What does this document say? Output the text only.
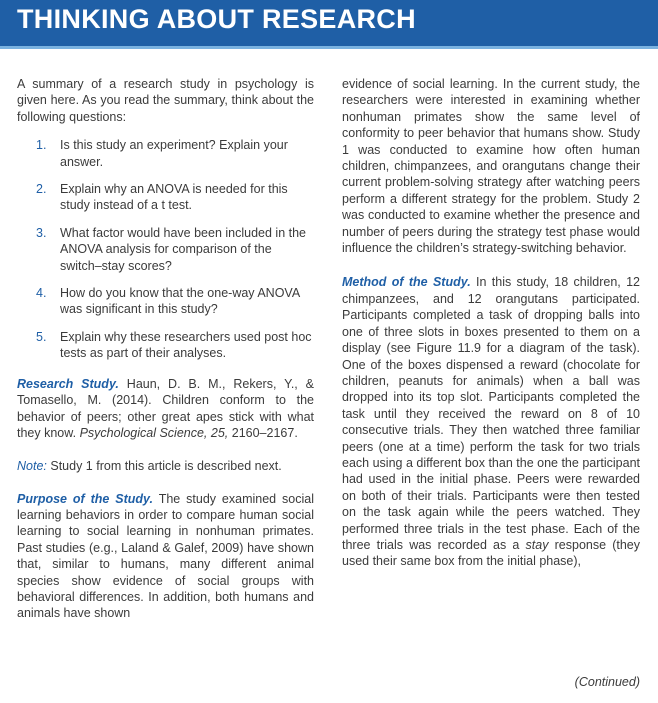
THINKING ABOUT RESEARCH

A summary of a research study in psychology is given here. As you read the summary, think about the following questions:

1. Is this study an experiment? Explain your answer.
2. Explain why an ANOVA is needed for this study instead of a t test.
3. What factor would have been included in the ANOVA analysis for comparison of the switch–stay scores?
4. How do you know that the one-way ANOVA was significant in this study?
5. Explain why these researchers used post hoc tests as part of their analyses.

Research Study. Haun, D. B. M., Rekers, Y., & Tomasello, M. (2014). Children conform to the behavior of peers; other great apes stick with what they know. Psychological Science, 25, 2160–2167.

Note: Study 1 from this article is described next.

Purpose of the Study. The study examined social learning behaviors in order to compare human social learning to social learning in nonhuman primates. Past studies (e.g., Laland & Galef, 2009) have shown that, similar to humans, many different animal species show evidence of social groups with behavioral differences. In addition, both humans and animals have shown

evidence of social learning. In the current study, the researchers were interested in examining whether nonhuman primates show the same level of conformity to peer behavior that humans show. Study 1 was conducted to examine how often human children, chimpanzees, and orangutans change their current problem-solving strategy after watching peers perform a different strategy for the problem. Study 2 was conducted to examine whether the presence and number of peers during the strategy test phase would influence the children’s strategy-switching behavior.

Method of the Study. In this study, 18 children, 12 chimpanzees, and 12 orangutans participated. Participants completed a task of dropping balls into one of three slots in boxes presented to them on a display (see Figure 11.9 for a diagram of the task). One of the boxes dispensed a reward (chocolate for children, peanuts for animals) when a ball was dropped into its top slot. Participants completed the task until they received the reward on 8 of 10 consecutive trials. They then watched three familiar peers (one at a time) perform the task for two trials each using a different box than the one the participant had used in the initial phase. Peers were rewarded on both of their trials. Participants were then tested on the task again while the peers watched. They performed three trials in the test phase. Each of the three trials was recorded as a stay response (they used their same box from the initial phase),

(Continued)
